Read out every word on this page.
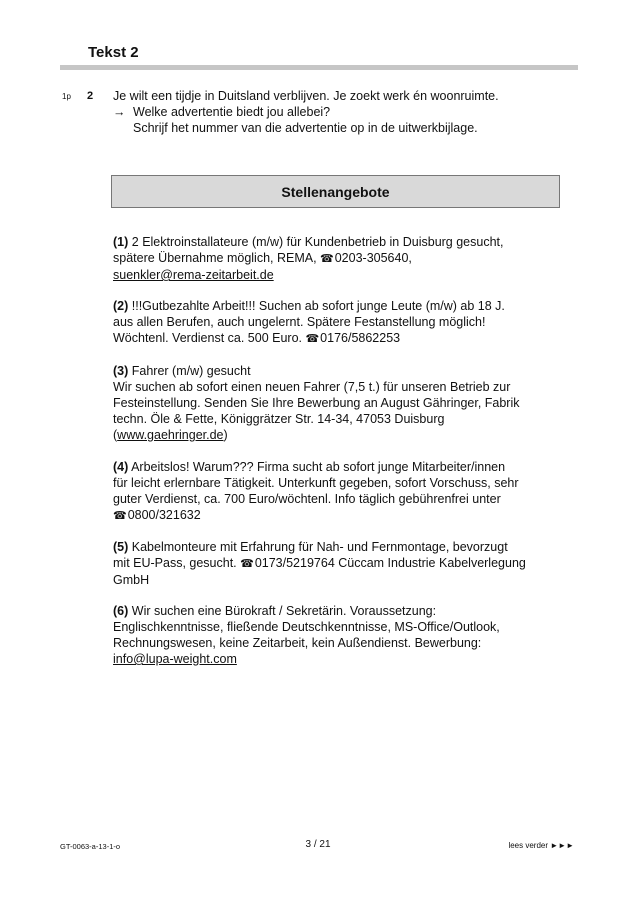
Tekst 2
1p 2 Je wilt een tijdje in Duitsland verblijven. Je zoekt werk én woonruimte.
→ Welke advertentie biedt jou allebei?
Schrijf het nummer van die advertentie op in de uitwerkbijlage.
Stellenangebote

(1) 2 Elektroinstallateure (m/w) für Kundenbetrieb in Duisburg gesucht,
spätere Übernahme möglich, REMA, ☎0203-305640,
suenkler@rema-zeitarbeit.de

(2) !!!Gutbezahlte Arbeit!!! Suchen ab sofort junge Leute (m/w) ab 18 J.
aus allen Berufen, auch ungelernt. Spätere Festanstellung möglich!
Wöchtenl. Verdienst ca. 500 Euro. ☎0176/5862253

(3) Fahrer (m/w) gesucht
Wir suchen ab sofort einen neuen Fahrer (7,5 t.) für unseren Betrieb zur
Festeinstellung. Senden Sie Ihre Bewerbung an August Gähringer, Fabrik
techn. Öle & Fette, Königgrätzer Str. 14-34, 47053 Duisburg
(www.gaehringer.de)

(4) Arbeitslos! Warum??? Firma sucht ab sofort junge Mitarbeiter/innen
für leicht erlernbare Tätigkeit. Unterkunft gegeben, sofort Vorschuss, sehr
guter Verdienst, ca. 700 Euro/wöchtenl. Info täglich gebührenfrei unter
☎0800/321632

(5) Kabelmonteure mit Erfahrung für Nah- und Fernmontage, bevorzugt
mit EU-Pass, gesucht. ☎0173/5219764 Cüccam Industrie Kabelverlegung
GmbH

(6) Wir suchen eine Bürokraft / Sekretärin. Voraussetzung:
Englischkenntnisse, fließende Deutschkenntnisse, MS-Office/Outlook,
Rechnungswesen, keine Zeitarbeit, kein Außendienst. Bewerbung:
info@lupa-weight.com

GT-0063-a-13-1-o	3 / 21	lees verder ►►►
